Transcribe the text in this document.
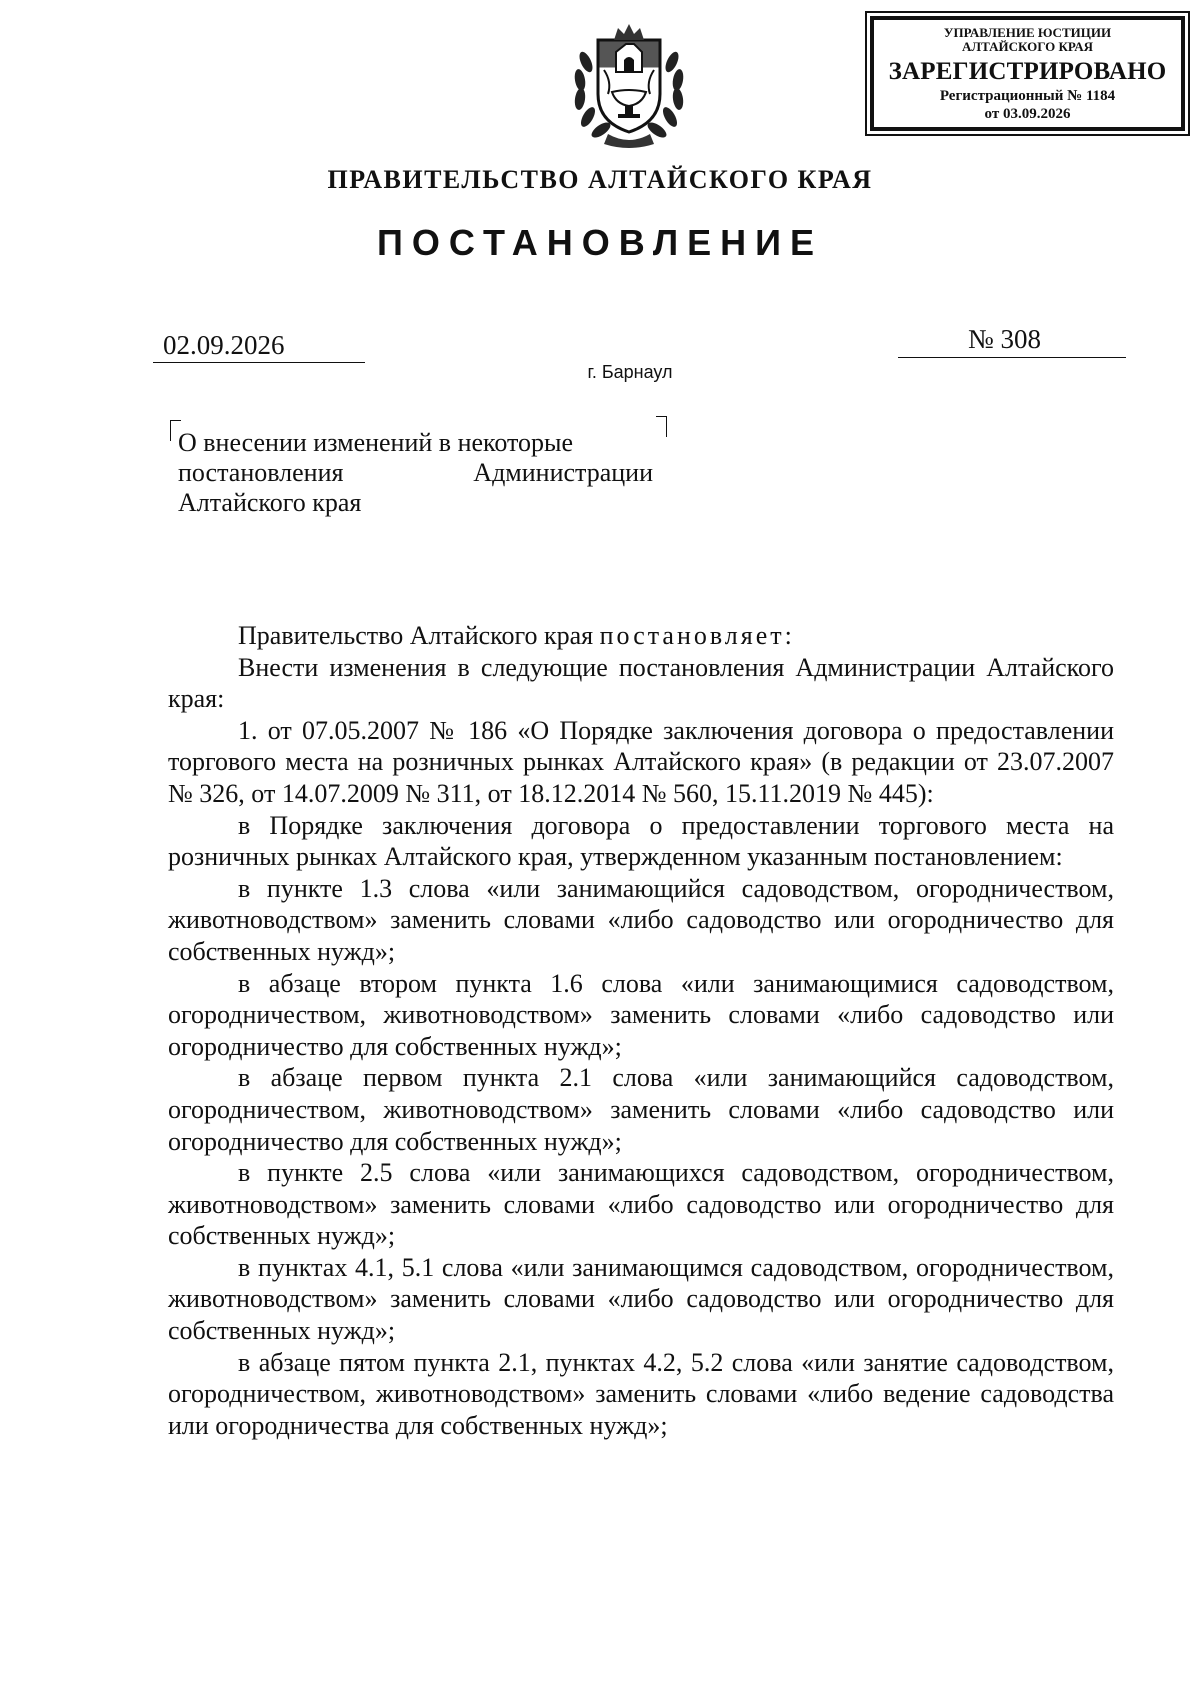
УПРАВЛЕНИЕ ЮСТИЦИИ
АЛТАЙСКОГО КРАЯ
ЗАРЕГИСТРИРОВАНО
Регистрационный № 1184
от 03.09.2026
ПРАВИТЕЛЬСТВО АЛТАЙСКОГО КРАЯ
ПОСТАНОВЛЕНИЕ
02.09.2026	№ 308
г. Барнаул
О внесении изменений в некоторые
постановления	Администрации
Алтайского края

Правительство Алтайского края постановляет:

Внести изменения в следующие постановления Администрации Алтайского края:

1. от 07.05.2007 № 186 «О Порядке заключения договора о предоставлении торгового места на розничных рынках Алтайского края» (в редакции от 23.07.2007 № 326, от 14.07.2009 № 311, от 18.12.2014 № 560, 15.11.2019 № 445):

в Порядке заключения договора о предоставлении торгового места на розничных рынках Алтайского края, утвержденном указанным постановлением:

в пункте 1.3 слова «или занимающийся садоводством, огородничеством, животноводством» заменить словами «либо садоводство или огородничество для собственных нужд»;

в абзаце втором пункта 1.6 слова «или занимающимися садоводством, огородничеством, животноводством» заменить словами «либо садоводство или огородничество для собственных нужд»;

в абзаце первом пункта 2.1 слова «или занимающийся садоводством, огородничеством, животноводством» заменить словами «либо садоводство или огородничество для собственных нужд»;

в пункте 2.5 слова «или занимающихся садоводством, огородничеством, животноводством» заменить словами «либо садоводство или огородничество для собственных нужд»;

в пунктах 4.1, 5.1 слова «или занимающимся садоводством, огородничеством, животноводством» заменить словами «либо садоводство или огородничество для собственных нужд»;

в абзаце пятом пункта 2.1, пунктах 4.2, 5.2 слова «или занятие садоводством, огородничеством, животноводством» заменить словами «либо ведение садоводства или огородничества для собственных нужд»;
